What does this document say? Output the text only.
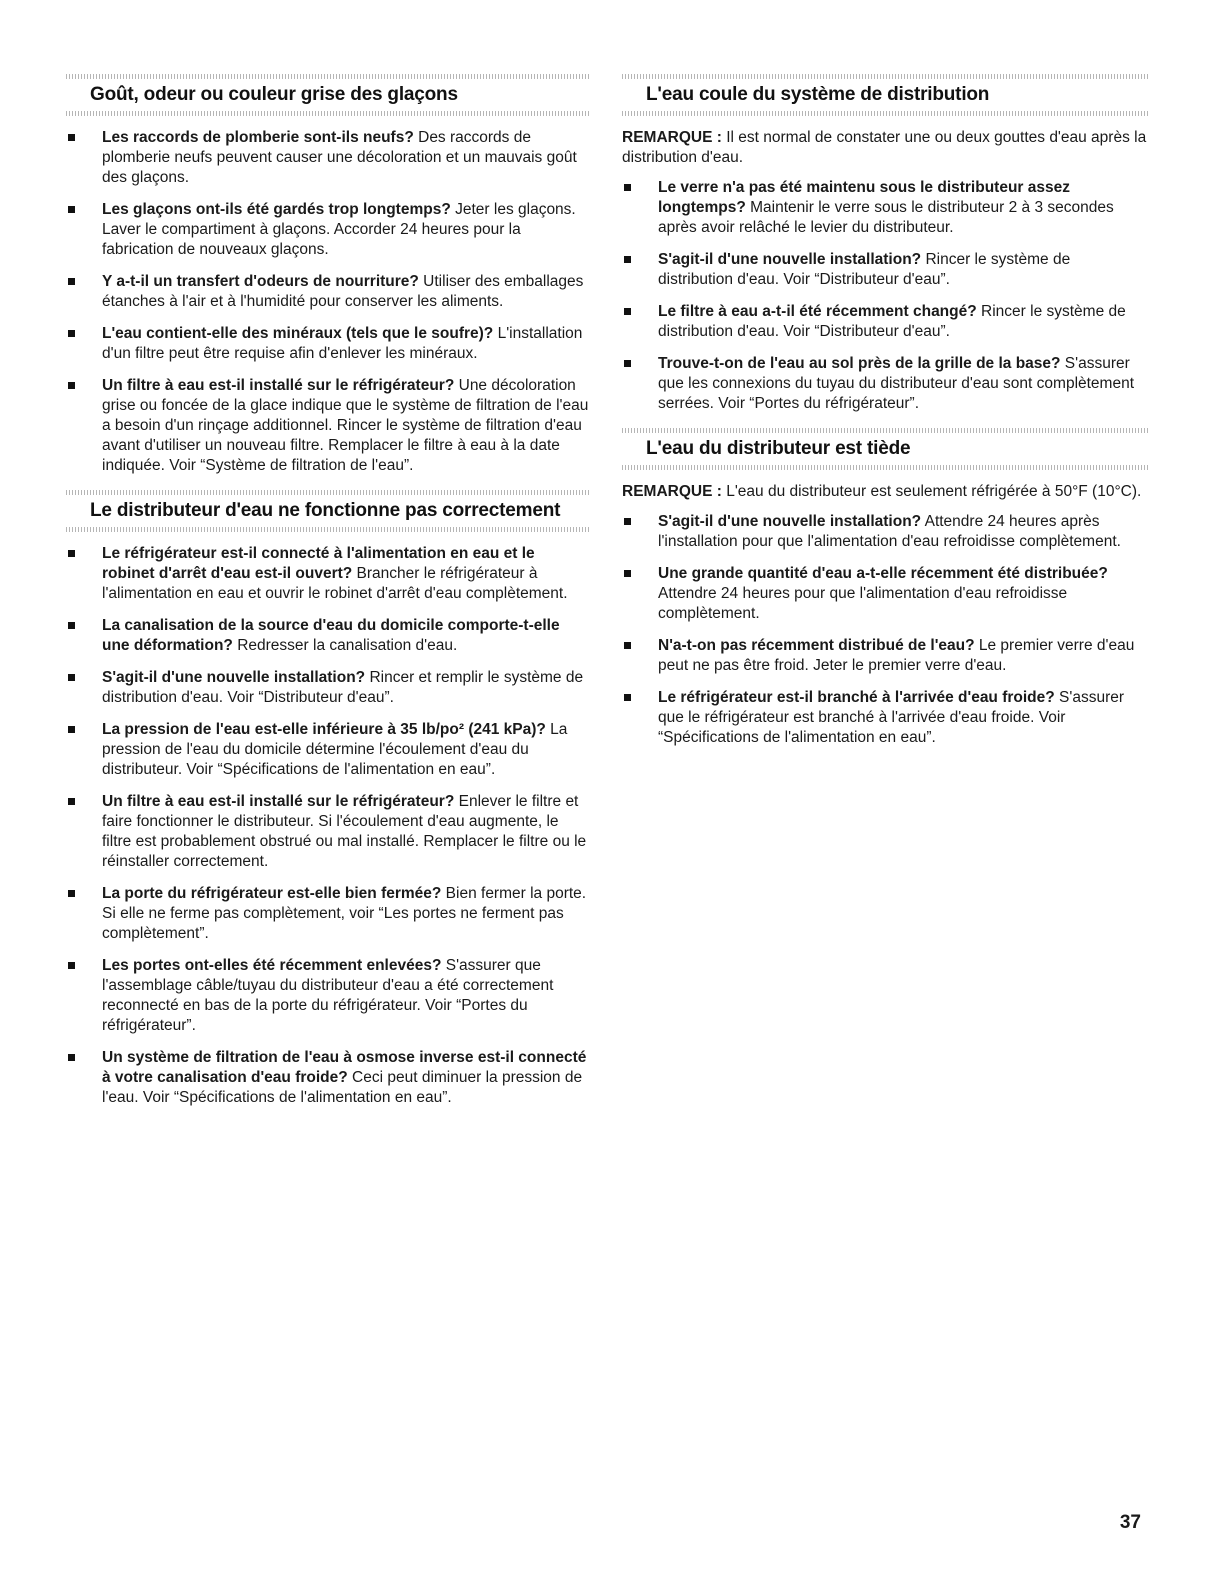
Goût, odeur ou couleur grise des glaçons
Les raccords de plomberie sont-ils neufs? Des raccords de plomberie neufs peuvent causer une décoloration et un mauvais goût des glaçons.
Les glaçons ont-ils été gardés trop longtemps? Jeter les glaçons. Laver le compartiment à glaçons. Accorder 24 heures pour la fabrication de nouveaux glaçons.
Y a-t-il un transfert d'odeurs de nourriture? Utiliser des emballages étanches à l'air et à l'humidité pour conserver les aliments.
L'eau contient-elle des minéraux (tels que le soufre)? L'installation d'un filtre peut être requise afin d'enlever les minéraux.
Un filtre à eau est-il installé sur le réfrigérateur? Une décoloration grise ou foncée de la glace indique que le système de filtration de l'eau a besoin d'un rinçage additionnel. Rincer le système de filtration d'eau avant d'utiliser un nouveau filtre. Remplacer le filtre à eau à la date indiquée. Voir “Système de filtration de l'eau”.
Le distributeur d'eau ne fonctionne pas correctement
Le réfrigérateur est-il connecté à l'alimentation en eau et le robinet d'arrêt d'eau est-il ouvert? Brancher le réfrigérateur à l'alimentation en eau et ouvrir le robinet d'arrêt d'eau complètement.
La canalisation de la source d'eau du domicile comporte-t-elle une déformation? Redresser la canalisation d'eau.
S'agit-il d'une nouvelle installation? Rincer et remplir le système de distribution d'eau. Voir “Distributeur d'eau”.
La pression de l'eau est-elle inférieure à 35 lb/po² (241 kPa)? La pression de l'eau du domicile détermine l'écoulement d'eau du distributeur. Voir “Spécifications de l'alimentation en eau”.
Un filtre à eau est-il installé sur le réfrigérateur? Enlever le filtre et faire fonctionner le distributeur. Si l'écoulement d'eau augmente, le filtre est probablement obstrué ou mal installé. Remplacer le filtre ou le réinstaller correctement.
La porte du réfrigérateur est-elle bien fermée? Bien fermer la porte. Si elle ne ferme pas complètement, voir “Les portes ne ferment pas complètement”.
Les portes ont-elles été récemment enlevées? S'assurer que l'assemblage câble/tuyau du distributeur d'eau a été correctement reconnecté en bas de la porte du réfrigérateur. Voir “Portes du réfrigérateur”.
Un système de filtration de l'eau à osmose inverse est-il connecté à votre canalisation d'eau froide? Ceci peut diminuer la pression de l'eau. Voir “Spécifications de l'alimentation en eau”.
L'eau coule du système de distribution

REMARQUE : Il est normal de constater une ou deux gouttes d'eau après la distribution d'eau.

Le verre n'a pas été maintenu sous le distributeur assez longtemps? Maintenir le verre sous le distributeur 2 à 3 secondes après avoir relâché le levier du distributeur.
S'agit-il d'une nouvelle installation? Rincer le système de distribution d'eau. Voir “Distributeur d'eau”.
Le filtre à eau a-t-il été récemment changé? Rincer le système de distribution d'eau. Voir “Distributeur d'eau”.
Trouve-t-on de l'eau au sol près de la grille de la base? S'assurer que les connexions du tuyau du distributeur d'eau sont complètement serrées. Voir “Portes du réfrigérateur”.
L'eau du distributeur est tiède

REMARQUE : L'eau du distributeur est seulement réfrigérée à 50°F (10°C).

S'agit-il d'une nouvelle installation? Attendre 24 heures après l'installation pour que l'alimentation d'eau refroidisse complètement.
Une grande quantité d'eau a-t-elle récemment été distribuée? Attendre 24 heures pour que l'alimentation d'eau refroidisse complètement.
N'a-t-on pas récemment distribué de l'eau? Le premier verre d'eau peut ne pas être froid. Jeter le premier verre d'eau.
Le réfrigérateur est-il branché à l'arrivée d'eau froide? S'assurer que le réfrigérateur est branché à l'arrivée d'eau froide. Voir “Spécifications de l'alimentation en eau”.
37
